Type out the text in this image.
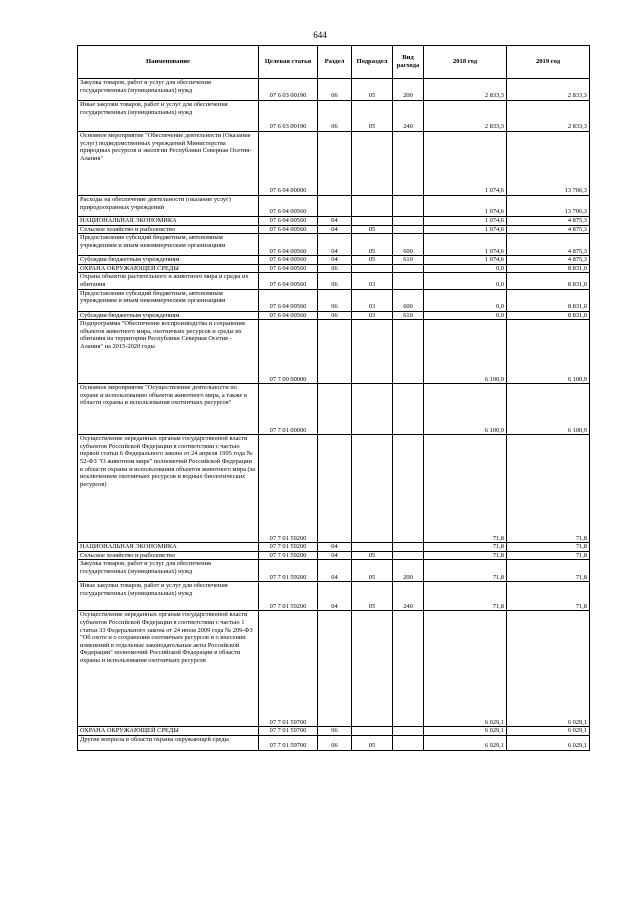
644
Наименование	Целевая статья	Раздел	Подраздел	Вид расхода	2018 год	2019 год
Закупка товаров, работ и услуг для обеспечения государственных (муниципальных) нужд	07 6 03 00190	06	05	200	2 833,3	2 833,3
Иные закупки товаров, работ и услуг для обеспечения государственных (муниципальных) нужд	07 6 03 00190	06	05	240	2 833,3	2 833,3
Основное мероприятие "Обеспечение деятельности (Оказание услуг) подведомственных учреждений Министерства природных ресурсов и экологии Республики Северная Осетия-Алания"	07 6 04 00000				1 074,6	13 706,3
Расходы на обеспечение деятельности (оказание услуг) природоохранных учреждений	07 6 04 00560				1 074,6	13 706,3
НАЦИОНАЛЬНАЯ ЭКОНОМИКА	07 6 04 00560	04			1 074,6	4 875,3
Сельское хозяйство и рыболовство	07 6 04 00560	04	05		1 074,6	4 875,3
Предоставление субсидий бюджетным, автономным учреждениям и иным некоммерческим организациям	07 6 04 00560	04	05	600	1 074,6	4 875,3
Субсидии бюджетным учреждениям	07 6 04 00560	04	05	610	1 074,6	4 875,3
ОХРАНА ОКРУЖАЮЩЕЙ СРЕДЫ	07 6 04 00560	06			0,0	8 831,0
Охрана объектов растительного и животного мира и среды их обитания	07 6 04 00560	06	03		0,0	8 831,0
Предоставление субсидий бюджетным, автономным учреждениям и иным некоммерческим организациям	07 6 04 00560	06	03	600	0,0	8 831,0
Субсидии бюджетным учреждениям	07 6 04 00560	06	03	610	0,0	8 831,0
Подпрограмма "Обеспечение воспроизводства и сохранения объектов животного мира, охотничьих ресурсов и среды их обитания на территории Республики Северная Осетия - Алания" на 2015-2020 годы	07 7 00 00000				6 100,9	6 100,9
Основное мероприятие "Осуществление деятельности по охране и использованию объектов животного мира, а также в области охраны и использования охотничьих ресурсов"	07 7 01 00000				6 100,9	6 100,9
Осуществление переданных органам государственной власти субъектов Российской Федерации в соответствии с частью первой статьи 6 Федерального закона от 24 апреля 1995 года № 52-ФЗ "О животном мире" полномочий Российской Федерации в области охраны и использования объектов животного мира (за исключением охотничьих ресурсов и водных биологических ресурсов)	07 7 01 59200				71,8	71,8
НАЦИОНАЛЬНАЯ ЭКОНОМИКА	07 7 01 59200	04			71,8	71,8
Сельское хозяйство и рыболовство	07 7 01 59200	04	05		71,8	71,8
Закупка товаров, работ и услуг для обеспечения государственных (муниципальных) нужд	07 7 01 59200	04	05	200	71,8	71,8
Иные закупки товаров, работ и услуг для обеспечения государственных (муниципальных) нужд	07 7 01 59200	04	05	240	71,8	71,8
Осуществление переданных органам государственной власти субъектов Российской Федерации в соответствии с частью 1 статьи 33 Федерального закона от 24 июля 2009 года № 209-ФЗ "Об охоте и о сохранении охотничьих ресурсов и о внесении изменений в отдельные законодательные акты Российской Федерации" полномочий Российской Федерации в области охраны и использования охотничьих ресурсов	07 7 01 59700				6 029,1	6 029,1
ОХРАНА ОКРУЖАЮЩЕЙ СРЕДЫ	07 7 01 59700	06			6 029,1	6 029,1
Другие вопросы в области охраны окружающей среды	07 7 01 59700	06	05		6 029,1	6 029,1
